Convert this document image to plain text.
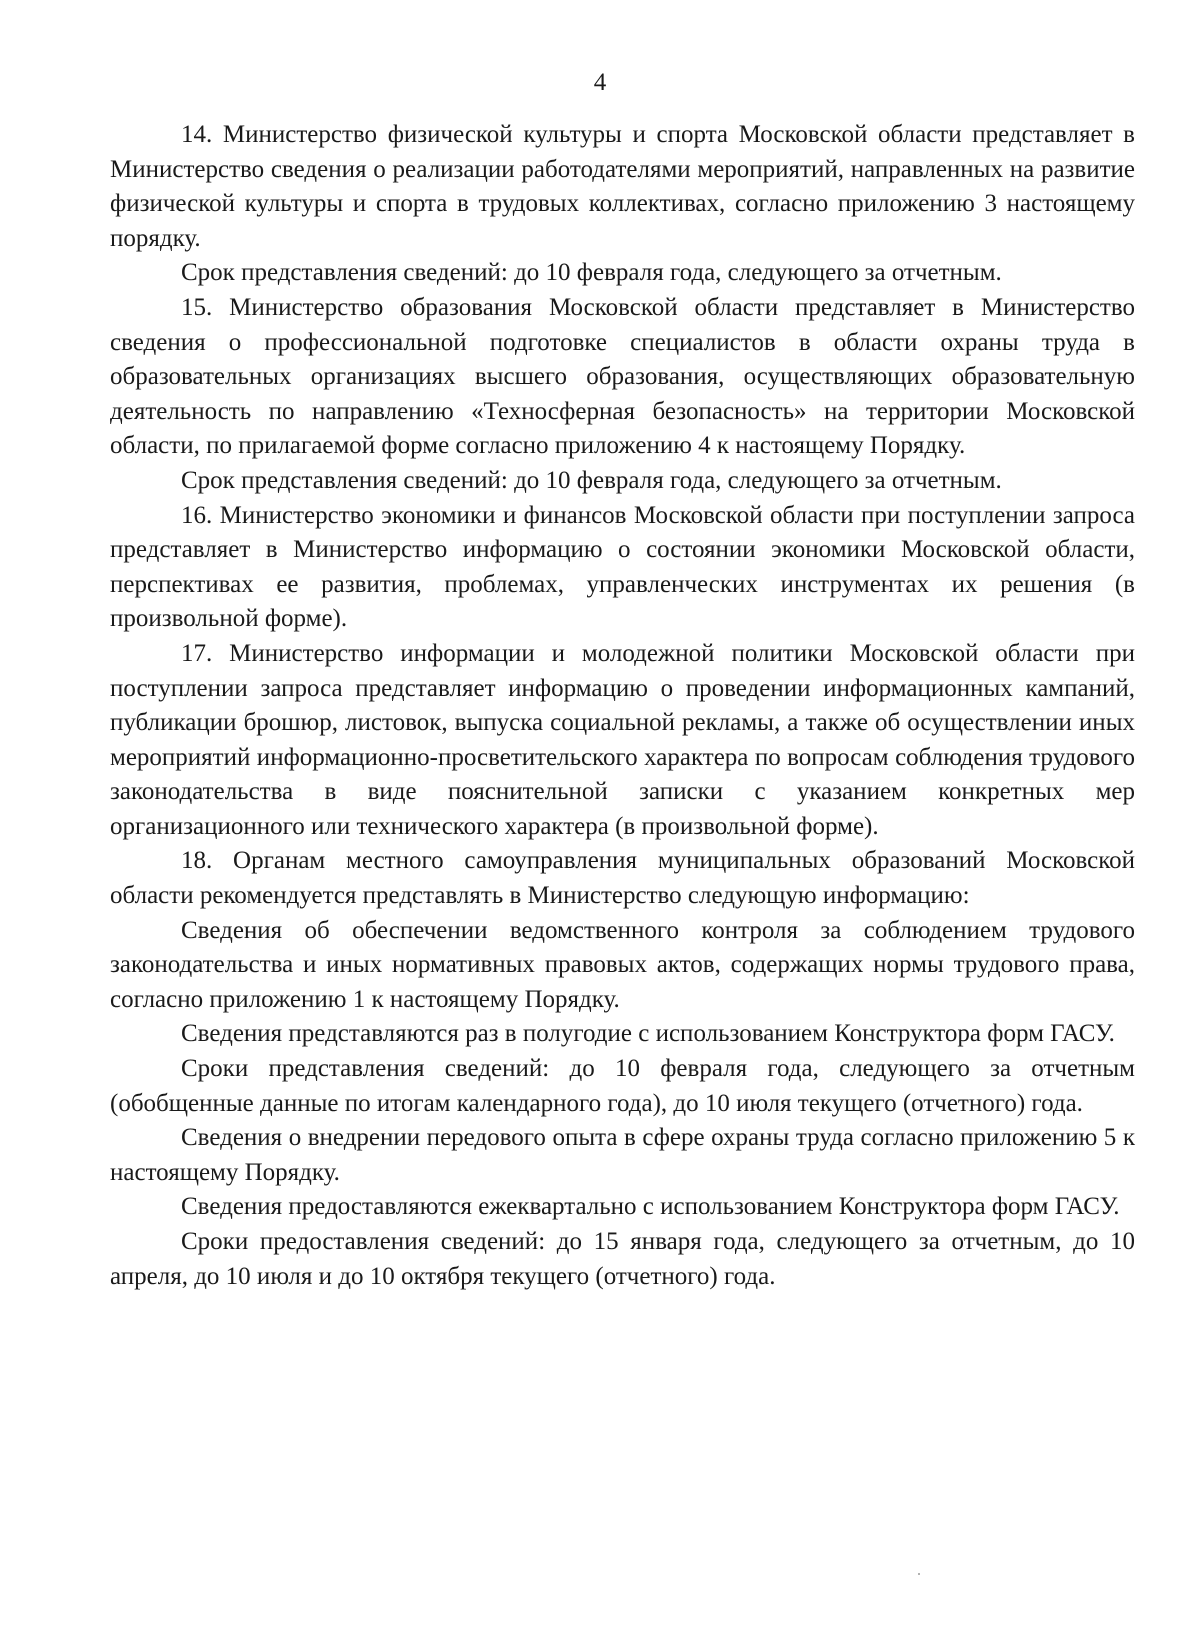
4

14. Министерство физической культуры и спорта Московской области представляет в Министерство сведения о реализации работодателями мероприятий, направленных на развитие физической культуры и спорта в трудовых коллективах, согласно приложению 3 настоящему порядку.

Срок представления сведений: до 10 февраля года, следующего за отчетным.

15. Министерство образования Московской области представляет в Министерство сведения о профессиональной подготовке специалистов в области охраны труда в образовательных организациях высшего образования, осуществляющих образовательную деятельность по направлению «Техносферная безопасность» на территории Московской области, по прилагаемой форме согласно приложению 4 к настоящему Порядку.

Срок представления сведений: до 10 февраля года, следующего за отчетным.

16. Министерство экономики и финансов Московской области при поступлении запроса представляет в Министерство информацию о состоянии экономики Московской области, перспективах ее развития, проблемах, управленческих инструментах их решения (в произвольной форме).

17. Министерство информации и молодежной политики Московской области при поступлении запроса представляет информацию о проведении информационных кампаний, публикации брошюр, листовок, выпуска социальной рекламы, а также об осуществлении иных мероприятий информационно-просветительского характера по вопросам соблюдения трудового законодательства в виде пояснительной записки с указанием конкретных мер организационного или технического характера (в произвольной форме).

18. Органам местного самоуправления муниципальных образований Московской области рекомендуется представлять в Министерство следующую информацию:

Сведения об обеспечении ведомственного контроля за соблюдением трудового законодательства и иных нормативных правовых актов, содержащих нормы трудового права, согласно приложению 1 к настоящему Порядку.

Сведения представляются раз в полугодие с использованием Конструктора форм ГАСУ.

Сроки представления сведений: до 10 февраля года, следующего за отчетным (обобщенные данные по итогам календарного года), до 10 июля текущего (отчетного) года.

Сведения о внедрении передового опыта в сфере охраны труда согласно приложению 5 к настоящему Порядку.

Сведения предоставляются ежеквартально с использованием Конструктора форм ГАСУ.

Сроки предоставления сведений: до 15 января года, следующего за отчетным, до 10 апреля, до 10 июля и до 10 октября текущего (отчетного) года.
